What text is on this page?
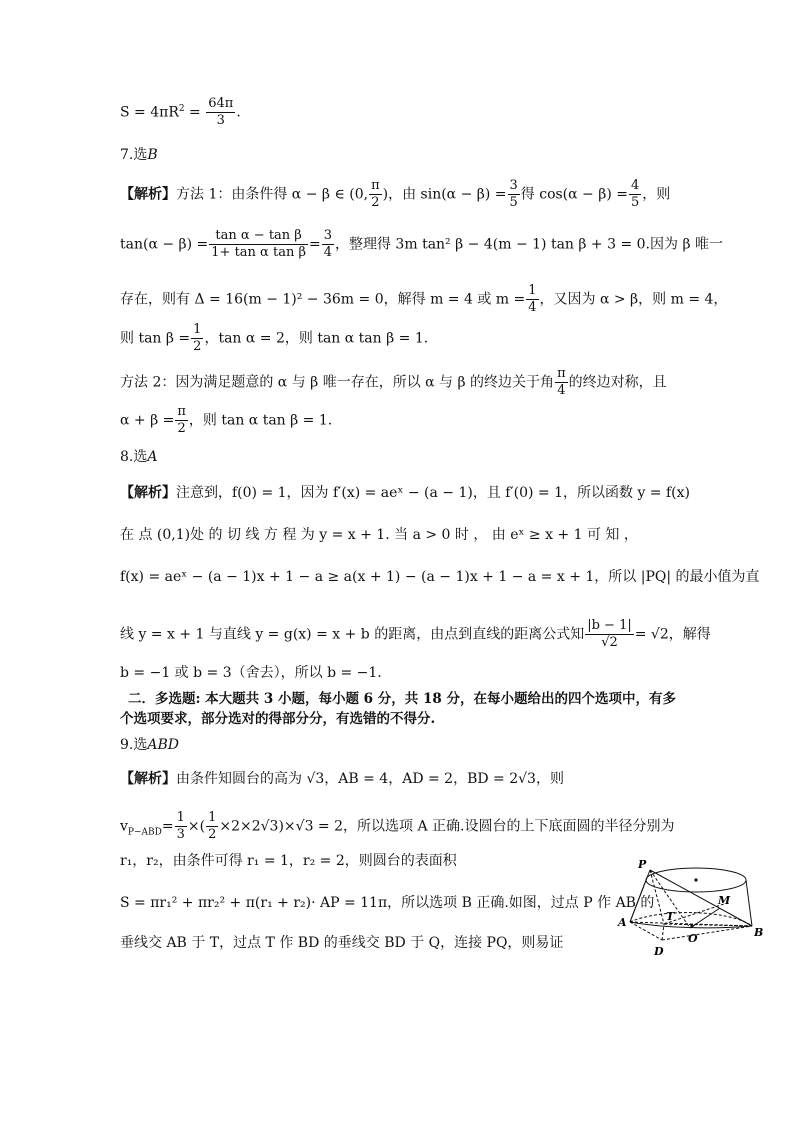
$S = 4\pi R^2 = \frac{64\pi}{3}$ .
7.选B
【解析】方法 1：由条件得 α − β ∈ (0, $\frac{\pi}{2}$ )，由 $\sin(\alpha - \beta) = \frac{3}{5}$ 得 $\cos(\alpha - \beta) = \frac{4}{5}$ ，则
$\tan(\alpha - \beta) = \frac{\text{tan α − tan β}}{\text{1+ tan α tan β}} = \frac{3}{4}$ ，整理得 3m tan² β − 4(m − 1) tan β + 3 = 0.因为 β 唯一
存在，则有 Δ = 16(m − 1)² − 36m = 0，解得 m = 4 或 $m = \frac{1}{4}$ ，又因为 α > β，则 m = 4，
则 $\tan \beta = \frac{1}{2}$ ，tan α = 2，则 tan α tan β = 1.
方法 2：因为满足题意的 α 与 β 唯一存在，所以 α 与 β 的终边关于角 $\frac{\pi}{4}$ 的终边对称，且
$\alpha + \beta = \frac{\pi}{2}$ ，则 tan α tan β = 1.
8.选A
【解析】注意到，f(0) = 1，因为 f′(x) = aeˣ − (a − 1)，且 f′(0) = 1，所以函数 y = f(x)
在 点 (0,1)处 的 切 线 方 程 为 y = x + 1. 当 a > 0 时 ， 由 eˣ ≥ x + 1 可 知 ，
f(x) = aeˣ − (a − 1)x + 1 − a ≥ a(x + 1) − (a − 1)x + 1 − a = x + 1，所以 |PQ| 的最小值为直
线 y = x + 1 与直线 y = g(x) = x + b 的距离，由点到直线的距离公式知 $\frac{|b - 1|}{√2} = √2$，解得
b = −1 或 b = 3（舍去），所以 b = −1.
二．多选题: 本大题共 3 小题，每小题 6 分，共 18 分，在每小题给出的四个选项中，有多
个选项要求，部分选对的得部分分，有选错的不得分.
9.选ABD
【解析】由条件知圆台的高为 √3，AB = 4，AD = 2，BD = 2√3，则
$v_{P-ABD}= \frac{1}{3}$ ×( $\frac{1}{2} \times 2\times 2√3)\times√3 = 2$，所以选项 A 正确.设圆台的上下底面圆的半径分别为
r₁，r₂，由条件可得 r₁ = 1，r₂ = 2，则圆台的表面积
S = πr₁² + πr₂² + π(r₁ + r₂)· AP = 11π，所以选项 B 正确.如图，过点 P 作 AB 的
垂线交 AB 于 T，过点 T 作 BD 的垂线交 BD 于 Q，连接 PQ，则易证
P
M
A	T
O	B
D
